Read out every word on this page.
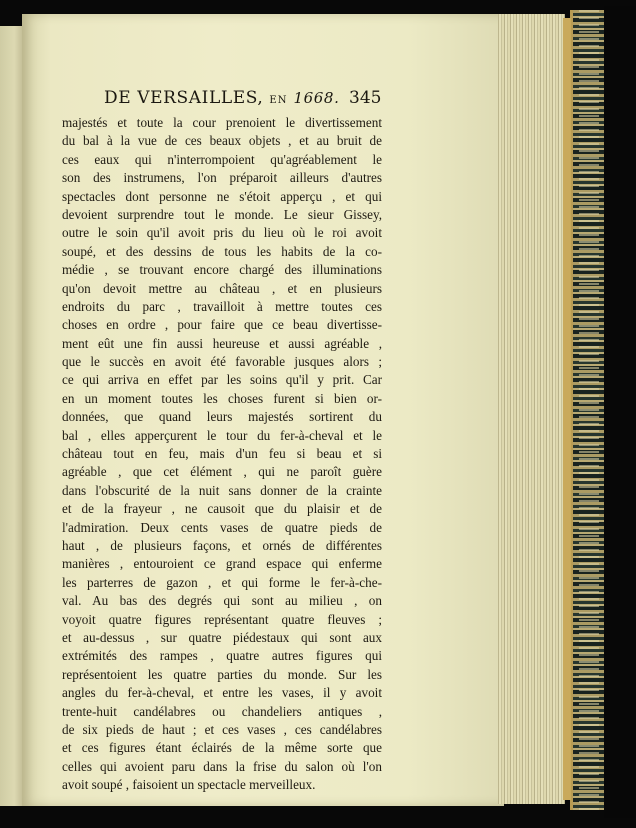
DE VERSAILLES, EN 1668. 345
majestés et toute la cour prenoient le divertissement
du bal à la vue de ces beaux objets , et au bruit de
ces eaux qui n'interrompoient qu'agréablement le
son des instrumens, l'on préparoit ailleurs d'autres
spectacles dont personne ne s'étoit apperçu , et qui
devoient surprendre tout le monde. Le sieur Gissey,
outre le soin qu'il avoit pris du lieu où le roi avoit
soupé, et des dessins de tous les habits de la co-
médie , se trouvant encore chargé des illuminations
qu'on devoit mettre au château , et en plusieurs
endroits du parc , travailloit à mettre toutes ces
choses en ordre , pour faire que ce beau divertisse-
ment eût une fin aussi heureuse et aussi agréable ,
que le succès en avoit été favorable jusques alors ;
ce qui arriva en effet par les soins qu'il y prit. Car
en un moment toutes les choses furent si bien or-
données, que quand leurs majestés sortirent du
bal , elles apperçurent le tour du fer-à-cheval et le
château tout en feu, mais d'un feu si beau et si
agréable , que cet élément , qui ne paroît guère
dans l'obscurité de la nuit sans donner de la crainte
et de la frayeur , ne causoit que du plaisir et de
l'admiration. Deux cents vases de quatre pieds de
haut , de plusieurs façons, et ornés de différentes
manières , entouroient ce grand espace qui enferme
les parterres de gazon , et qui forme le fer-à-che-
val. Au bas des degrés qui sont au milieu , on
voyoit quatre figures représentant quatre fleuves ;
et au-dessus , sur quatre piédestaux qui sont aux
extrémités des rampes , quatre autres figures qui
représentoient les quatre parties du monde. Sur les
angles du fer-à-cheval, et entre les vases, il y avoit
trente-huit candélabres ou chandeliers antiques ,
de six pieds de haut ; et ces vases , ces candélabres
et ces figures étant éclairés de la même sorte que
celles qui avoient paru dans la frise du salon où l'on
avoit soupé , faisoient un spectacle merveilleux.
